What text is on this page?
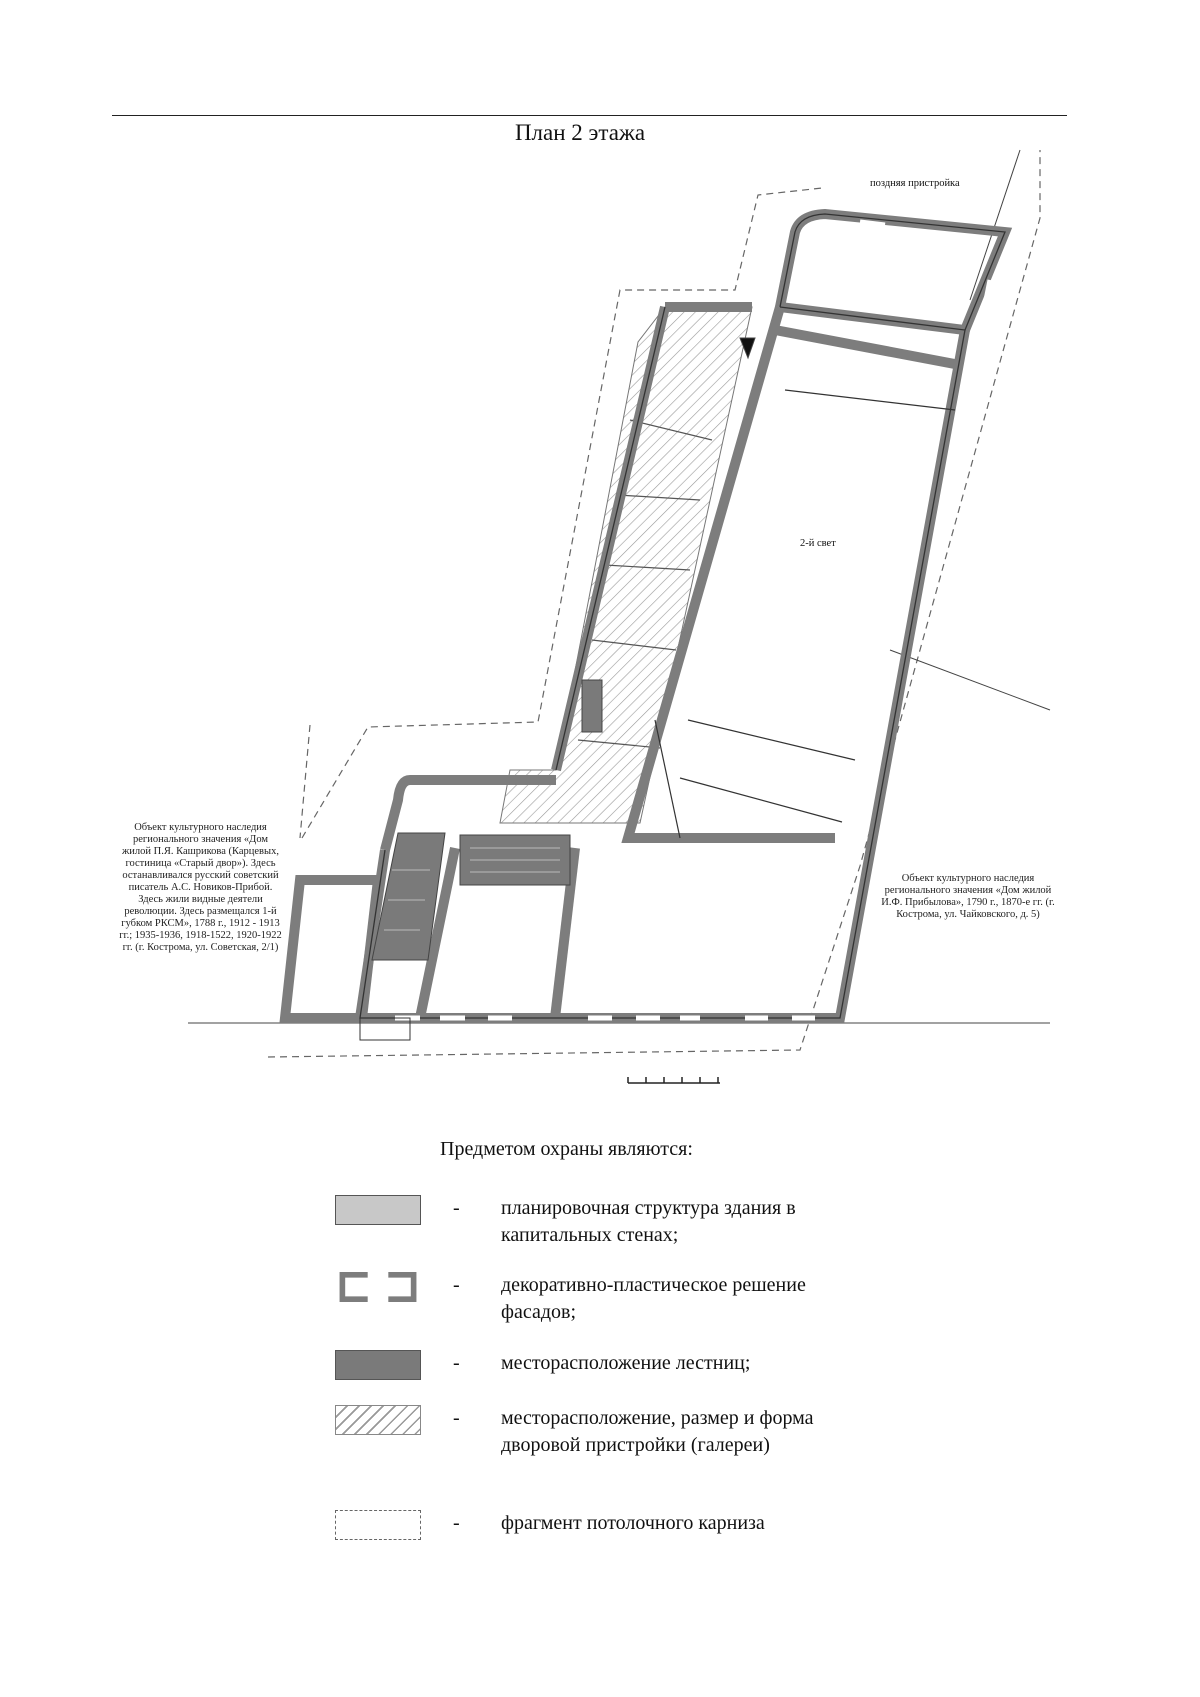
План 2 этажа
поздняя пристройка
2-й свет
Объект культурного наследия регионального значения «Дом жилой П.Я. Кашрикова (Карцевых, гостиница «Старый двор»). Здесь останавливался русский советский писатель А.С. Новиков-Прибой. Здесь жили видные деятели революции. Здесь размещался 1-й губком РКСМ», 1788 г., 1912 - 1913 гг.; 1935-1936, 1918-1522, 1920-1922 гг. (г. Кострома, ул. Советская, 2/1)
Объект культурного наследия регионального значения «Дом жилой И.Ф. Прибылова», 1790 г., 1870-е гг. (г. Кострома, ул. Чайковского, д. 5)
Предметом охраны являются:
- планировочная структура здания в капитальных стенах;
- декоративно-пластическое решение фасадов;
- месторасположение лестниц;
- месторасположение, размер и форма дворовой пристройки (галереи)
- фрагмент потолочного карниза
